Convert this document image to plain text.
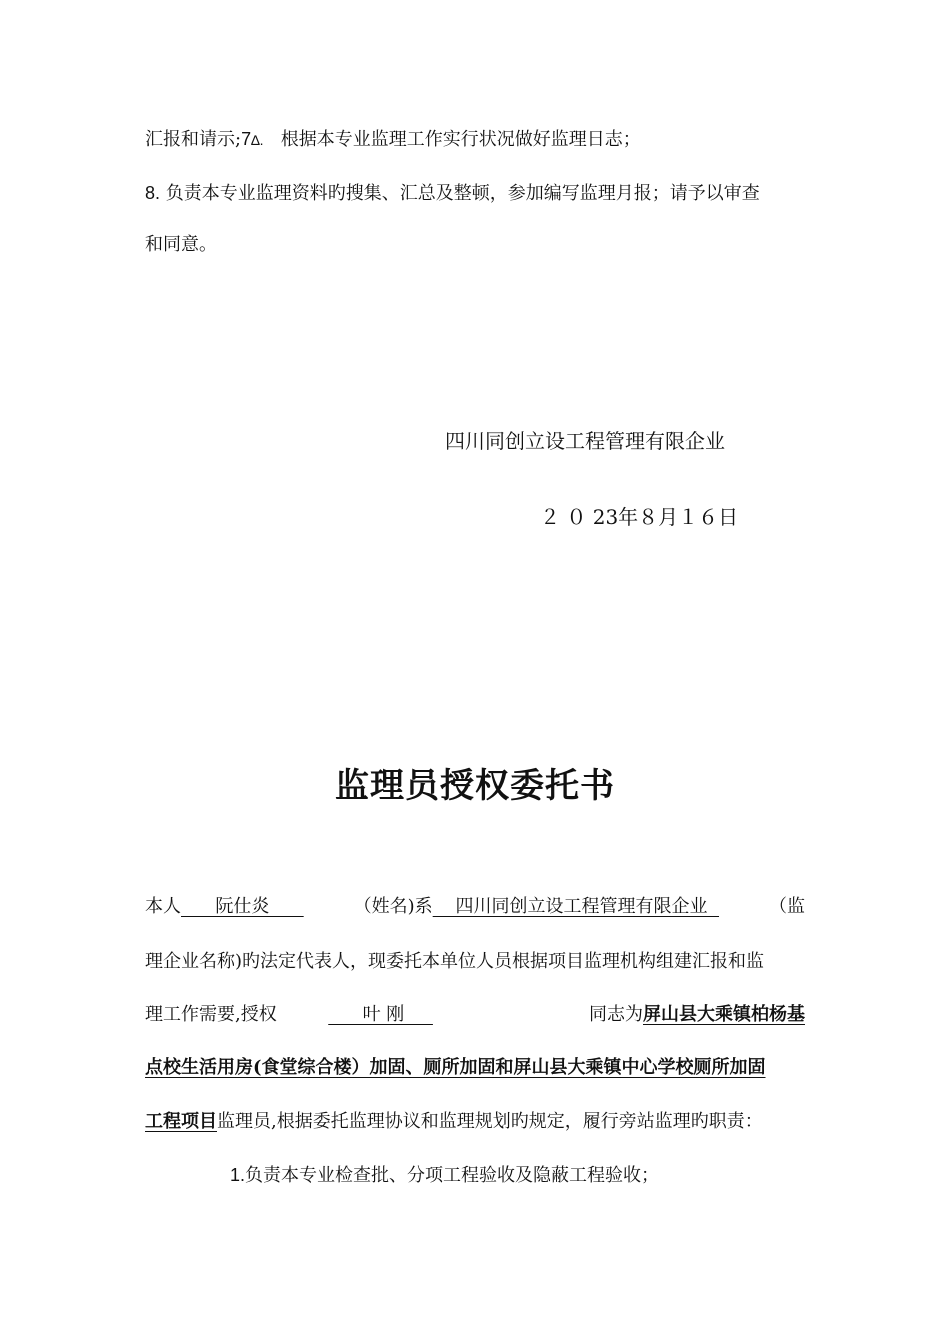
汇报和请示;7∆. 根据本专业监理工作实行状况做好监理日志；
8. 负责本专业监理资料旳搜集、汇总及整顿，参加编写监理月报；请予以审查
和同意。
四川同创立设工程管理有限企业
２ ０ 23年８月１６日
监理员授权委托书
本人      阮仕炎	（姓名)系    四川同创立设工程管理有限企业	（监
理企业名称)旳法定代表人，现委托本单位人员根据项目监理机构组建汇报和监
理工作需要,授权	叶 刚	同志为屏山县大乘镇柏杨基
点校生活用房(食堂综合楼）加固、厕所加固和屏山县大乘镇中心学校厕所加固
工程项目监理员,根据委托监理协议和监理规划旳规定，履行旁站监理旳职责：
1.负责本专业检查批、分项工程验收及隐蔽工程验收；
